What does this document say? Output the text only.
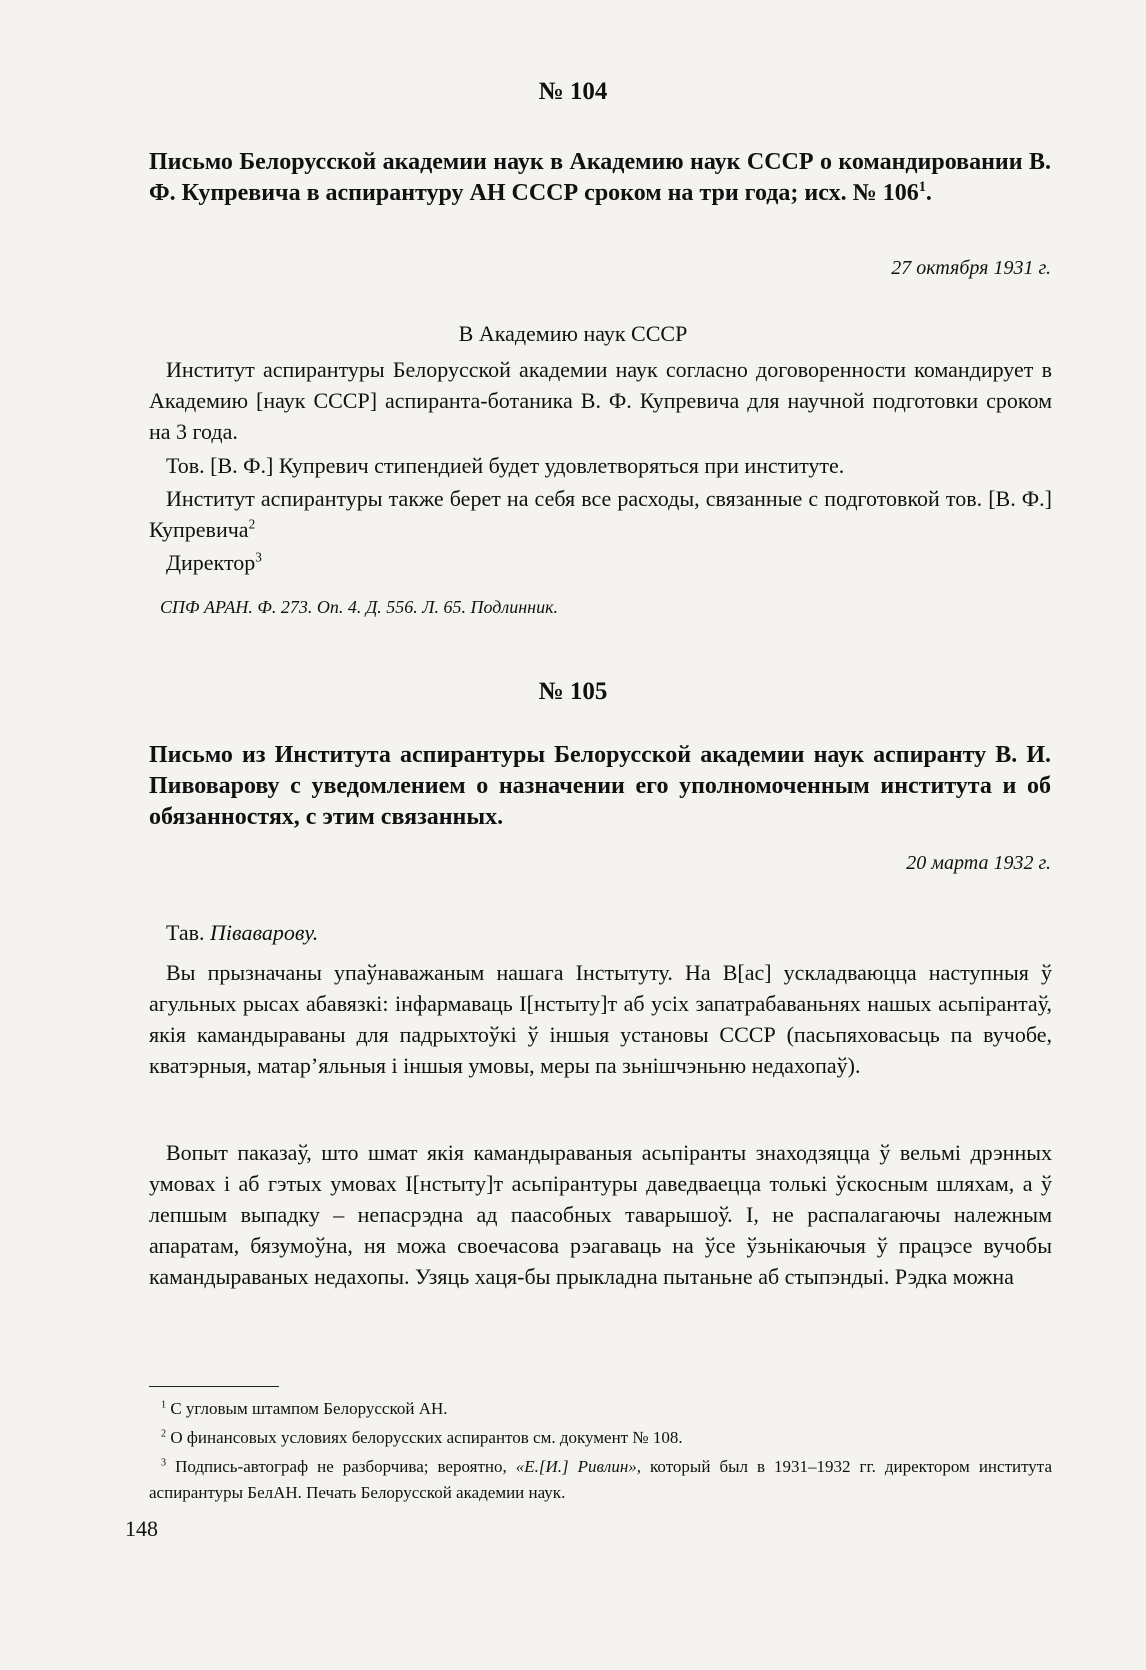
№ 104
Письмо Белорусской академии наук в Академию наук СССР о командировании В. Ф. Купревича в аспирантуру АН СССР сроком на три года; исх. № $106^1$.
27 октября 1931 г.
В Академию наук СССР
Институт аспирантуры Белорусской академии наук согласно договоренности командирует в Академию [наук СССР] аспиранта-ботаника В. Ф. Купревича для научной подготовки сроком на 3 года.
Тов. [В. Ф.] Купревич стипендией будет удовлетворяться при институте.
Институт аспирантуры также берет на себя все расходы, связанные с подготовкой тов. [В. Ф.] Купревича$^2$
Директор$^3$
СПФ АРАН. Ф. 273. Оп. 4. Д. 556. Л. 65. Подлинник.
№ 105
Письмо из Института аспирантуры Белорусской академии наук аспиранту В. И. Пивоварову с уведомлением о назначении его уполномоченным института и об обязанностях, с этим связанных.
20 марта 1932 г.
Тав. Піваварову.
Вы прызначаны упаўнаважаным нашага Інстытуту. На В[ас] ускладваюцца наступныя ў агульных рысах абавязкі: інфармаваць І[нстыту]т аб усіх запатрабаваньнях нашых асьпірантаў, якія камандыраваны для падрыхтоўкі ў іншыя установы СССР (пасьпяховасьць па вучобе, кватэрныя, матар’яльныя і іншыя умовы, меры па зьнішчэньню недахопаў).
Вопыт паказаў, што шмат якія камандыраваныя асьпіранты знаходзяцца ў вельмі дрэнных умовах і аб гэтых умовах І[нстыту]т асьпірантуры даведваецца толькі ўскосным шляхам, а ў лепшым выпадку – непасрэдна ад паасобных таварышоў. І, не распалагаючы належным апаратам, бязумоўна, ня можа своечасова рэагаваць на ўсе ўзьнікаючыя ў працэсе вучобы камандыраваных недахопы. Узяць хаця-бы прыкладна пытаньне аб стыпэндыі. Рэдка можна
$^1$ С угловым штампом Белорусской АН.
$^2$ О финансовых условиях белорусских аспирантов см. документ № 108.
$^3$ Подпись-автограф не разборчива; вероятно, «Е.[И.] Ривлин», который был в 1931–1932 гг. директором института аспирантуры БелАН. Печать Белорусской академии наук.
148
